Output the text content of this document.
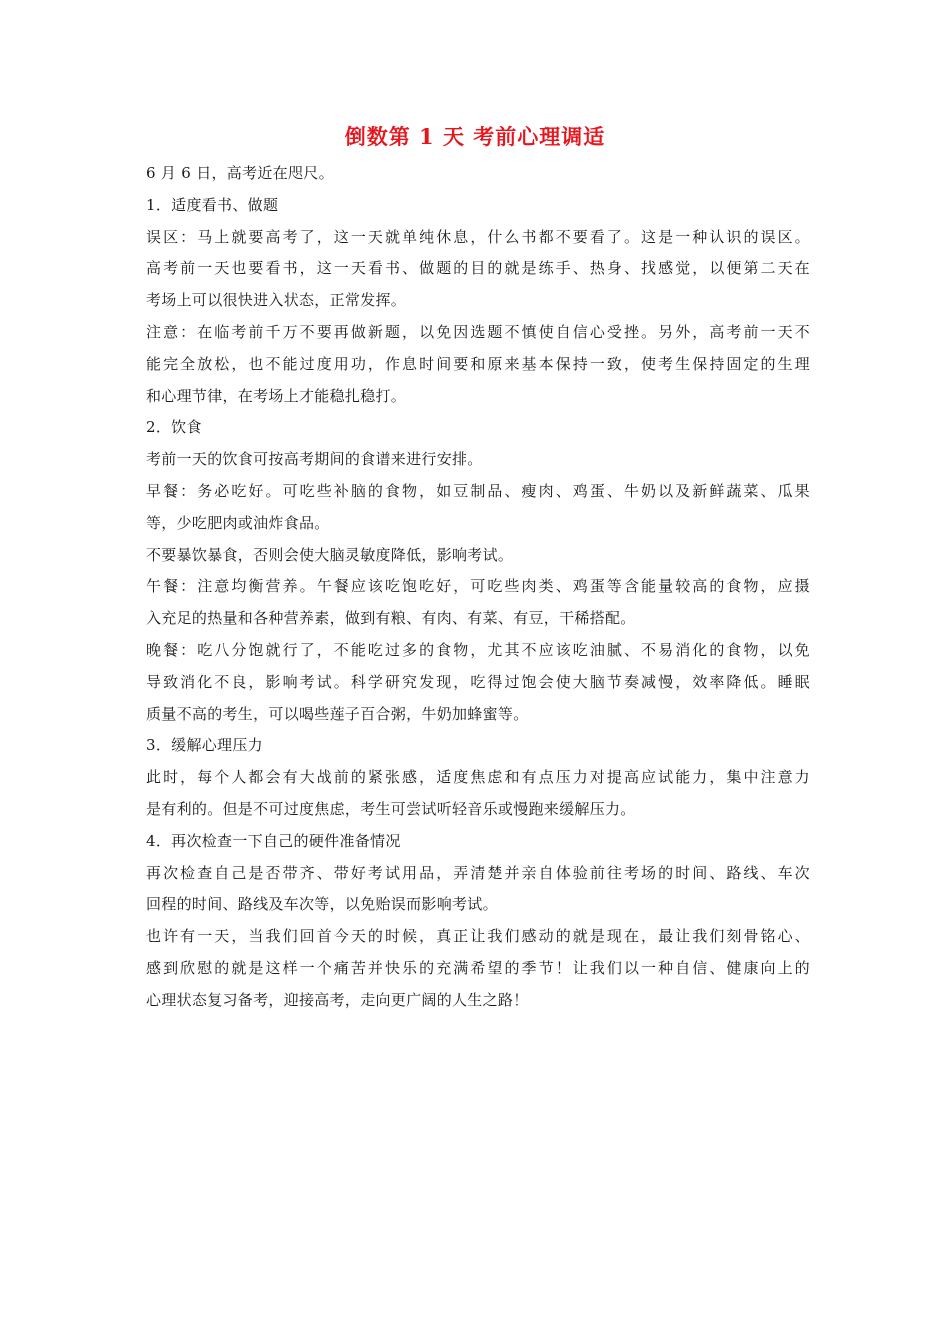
倒数第 1 天 考前心理调适
6 月 6 日，高考近在咫尺。
1．适度看书、做题
误区：马上就要高考了，这一天就单纯休息，什么书都不要看了。这是一种认识的误区。
高考前一天也要看书，这一天看书、做题的目的就是练手、热身、找感觉，以便第二天在
考场上可以很快进入状态，正常发挥。
注意：在临考前千万不要再做新题，以免因选题不慎使自信心受挫。另外，高考前一天不
能完全放松，也不能过度用功，作息时间要和原来基本保持一致，使考生保持固定的生理
和心理节律，在考场上才能稳扎稳打。
2．饮食
考前一天的饮食可按高考期间的食谱来进行安排。
早餐：务必吃好。可吃些补脑的食物，如豆制品、瘦肉、鸡蛋、牛奶以及新鲜蔬菜、瓜果
等，少吃肥肉或油炸食品。
不要暴饮暴食，否则会使大脑灵敏度降低，影响考试。
午餐：注意均衡营养。午餐应该吃饱吃好，可吃些肉类、鸡蛋等含能量较高的食物，应摄
入充足的热量和各种营养素，做到有粮、有肉、有菜、有豆，干稀搭配。
晚餐：吃八分饱就行了，不能吃过多的食物，尤其不应该吃油腻、不易消化的食物，以免
导致消化不良，影响考试。科学研究发现，吃得过饱会使大脑节奏减慢，效率降低。睡眠
质量不高的考生，可以喝些莲子百合粥，牛奶加蜂蜜等。
3．缓解心理压力
此时，每个人都会有大战前的紧张感，适度焦虑和有点压力对提高应试能力，集中注意力
是有利的。但是不可过度焦虑，考生可尝试听轻音乐或慢跑来缓解压力。
4．再次检查一下自己的硬件准备情况
再次检查自己是否带齐、带好考试用品，弄清楚并亲自体验前往考场的时间、路线、车次
回程的时间、路线及车次等，以免贻误而影响考试。
也许有一天，当我们回首今天的时候，真正让我们感动的就是现在，最让我们刻骨铭心、
感到欣慰的就是这样一个痛苦并快乐的充满希望的季节！让我们以一种自信、健康向上的
心理状态复习备考，迎接高考，走向更广阔的人生之路！
